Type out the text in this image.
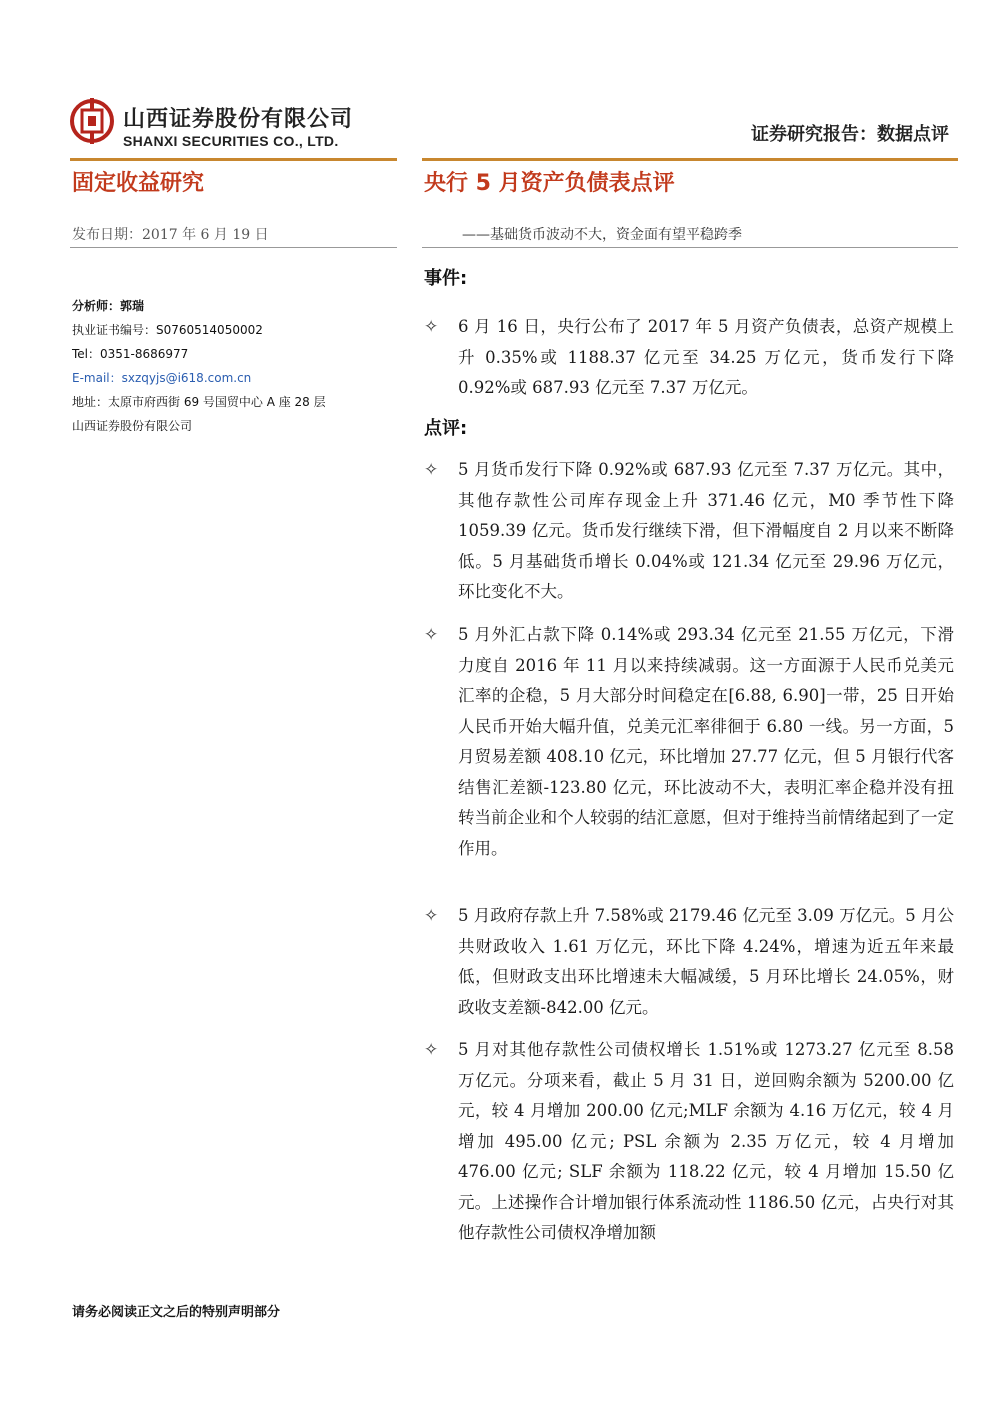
山西证券股份有限公司
SHANXI SECURITIES CO., LTD.	证券研究报告：数据点评
固定收益研究	央行 5 月资产负债表点评
发布日期：2017 年 6 月 19 日	——基础货币波动不大，资金面有望平稳跨季
分析师：郭瑞
执业证书编号：S0760514050002
Tel：0351-8686977
E-mail：sxzqyjs@i618.com.cn
地址：太原市府西街 69 号国贸中心 A 座 28 层
山西证券股份有限公司
事件:
✧	6 月 16 日，央行公布了 2017 年 5 月资产负债表，总资产规模上升 0.35%或 1188.37 亿元至 34.25 万亿元，货币发行下降 0.92%或 687.93 亿元至 7.37 万亿元。
点评:
✧	5 月货币发行下降 0.92%或 687.93 亿元至 7.37 万亿元。其中，其他存款性公司库存现金上升 371.46 亿元，M0 季节性下降 1059.39 亿元。货币发行继续下滑，但下滑幅度自 2 月以来不断降低。5 月基础货币增长 0.04%或 121.34 亿元至 29.96 万亿元，环比变化不大。
✧	5 月外汇占款下降 0.14%或 293.34 亿元至 21.55 万亿元，下滑力度自 2016 年 11 月以来持续减弱。这一方面源于人民币兑美元汇率的企稳，5 月大部分时间稳定在[6.88, 6.90]一带，25 日开始人民币开始大幅升值，兑美元汇率徘徊于 6.80 一线。另一方面，5 月贸易差额 408.10 亿元，环比增加 27.77 亿元，但 5 月银行代客结售汇差额-123.80 亿元，环比波动不大，表明汇率企稳并没有扭转当前企业和个人较弱的结汇意愿，但对于维持当前情绪起到了一定作用。
✧	5 月政府存款上升 7.58%或 2179.46 亿元至 3.09 万亿元。5 月公共财政收入 1.61 万亿元，环比下降 4.24%，增速为近五年来最低，但财政支出环比增速未大幅减缓，5 月环比增长 24.05%，财政收支差额-842.00 亿元。
✧	5 月对其他存款性公司债权增长 1.51%或 1273.27 亿元至 8.58 万亿元。分项来看，截止 5 月 31 日，逆回购余额为 5200.00 亿元，较 4 月增加 200.00 亿元;MLF 余额为 4.16 万亿元，较 4 月增加 495.00 亿元; PSL 余额为 2.35 万亿元，较 4 月增加 476.00 亿元; SLF 余额为 118.22 亿元，较 4 月增加 15.50 亿元。上述操作合计增加银行体系流动性 1186.50 亿元，占央行对其他存款性公司债权净增加额
请务必阅读正文之后的特别声明部分
